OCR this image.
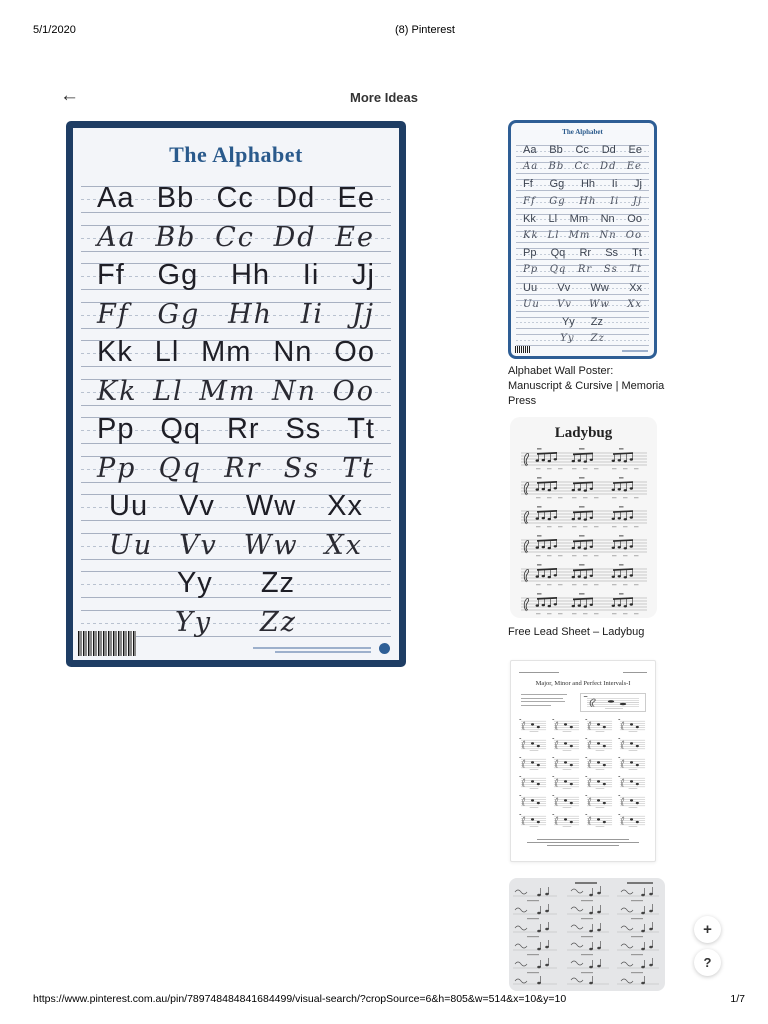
5/1/2020	(8) Pinterest
←	More Ideas
The Alphabet
Aa Bb Cc Dd Ee
Aa Bb Cc Dd Ee
Ff Gg Hh Ii Jj
Ff Gg Hh Ii Jj
Kk Ll Mm Nn Oo
Kk Ll Mm Nn Oo
Pp Qq Rr Ss Tt
Pp Qq Rr Ss Tt
Uu Vv Ww Xx
Uu Vv Ww Xx
Yy Zz
Yy Zz
The Alphabet
Aa Bb Cc Dd Ee
Aa Bb Cc Dd Ee
Ff Gg Hh Ii Jj
Ff Gg Hh Ii Jj
Kk Ll Mm Nn Oo
Kk Ll Mm Nn Oo
Pp Qq Rr Ss Tt
Pp Qq Rr Ss Tt
Uu Vv Ww Xx
Uu Vv Ww Xx
Yy Zz
Yy Zz
Alphabet Wall Poster: Manuscript & Cursive | Memoria Press
Ladybug
Free Lead Sheet – Ladybug
Major, Minor and Perfect Intervals-I
+
?
https://www.pinterest.com.au/pin/789748484841684499/visual-search/?cropSource=6&h=805&w=514&x=10&y=10	1/7
